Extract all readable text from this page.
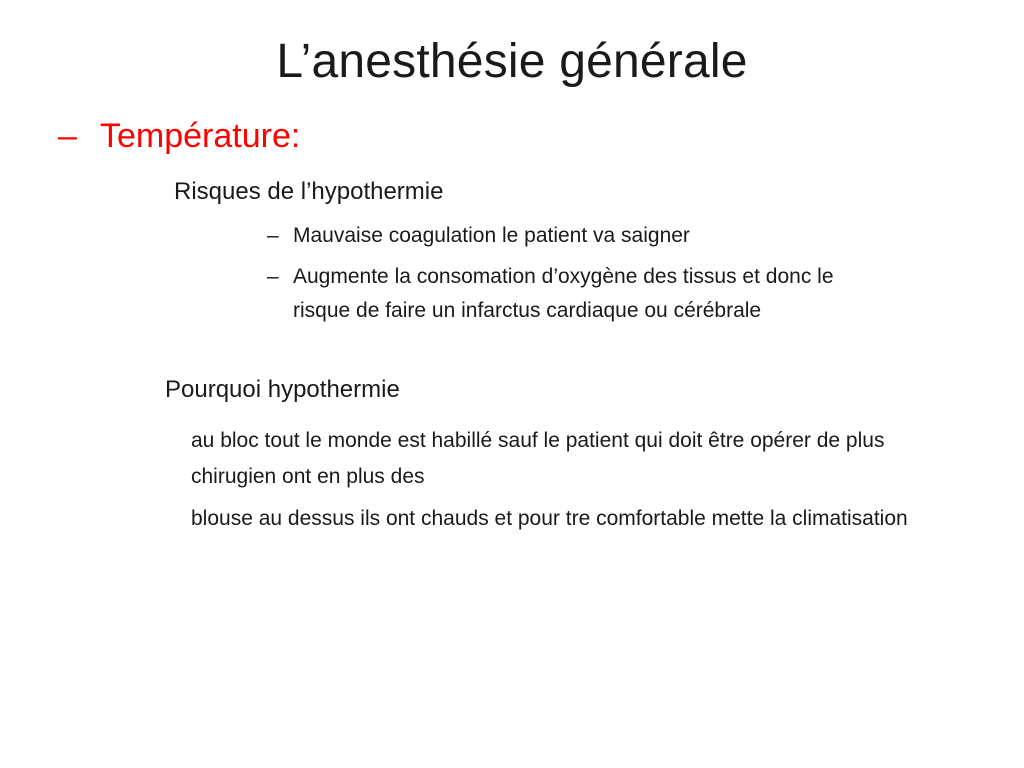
L’anesthésie générale
– Température:
Risques de l’hypothermie
– Mauvaise coagulation le patient va saigner
– Augmente la consomation d’oxygène des tissus et donc le risque de faire un infarctus cardiaque ou cérébrale
Pourquoi hypothermie
au bloc tout le monde est habillé sauf le patient qui doit être opérer de plus chirugien ont en plus des
blouse au dessus ils ont chauds et pour tre comfortable mette la climatisation
